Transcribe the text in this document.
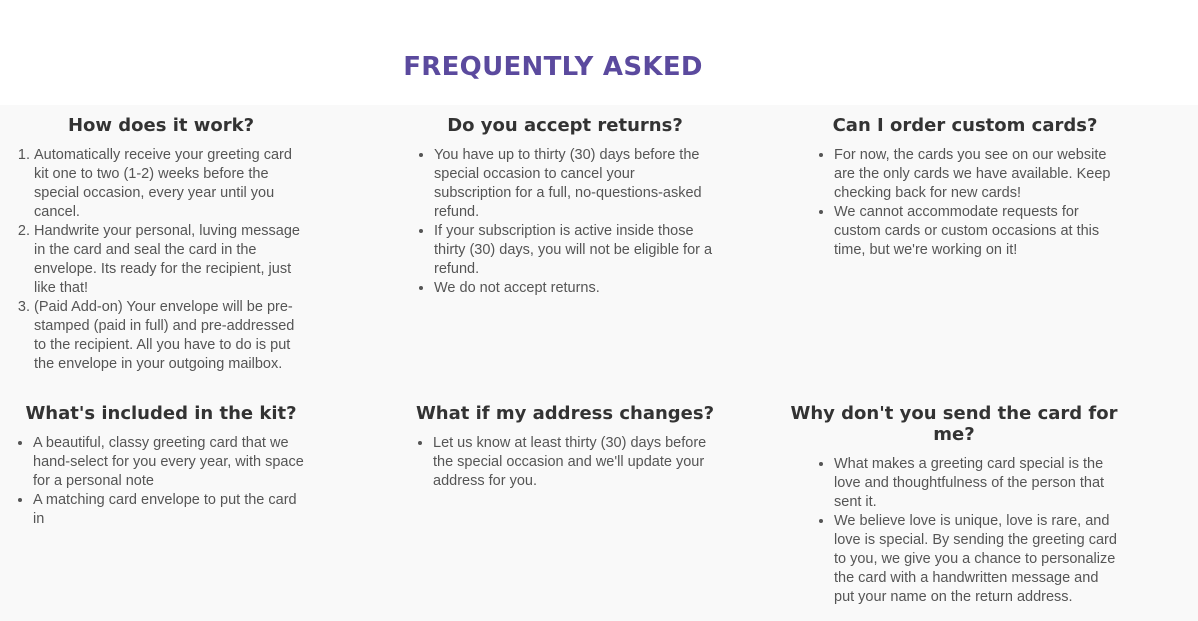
FREQUENTLY ASKED
How does it work?
1. Automatically receive your greeting card kit one to two (1-2) weeks before the special occasion, every year until you cancel.
2. Handwrite your personal, luving message in the card and seal the card in the envelope. Its ready for the recipient, just like that!
3. (Paid Add-on) Your envelope will be pre-stamped (paid in full) and pre-addressed to the recipient. All you have to do is put the envelope in your outgoing mailbox.
Do you accept returns?
• You have up to thirty (30) days before the special occasion to cancel your subscription for a full, no-questions-asked refund.
• If your subscription is active inside those thirty (30) days, you will not be eligible for a refund.
• We do not accept returns.
Can I order custom cards?
• For now, the cards you see on our website are the only cards we have available. Keep checking back for new cards!
• We cannot accommodate requests for custom cards or custom occasions at this time, but we're working on it!
What's included in the kit?
• A beautiful, classy greeting card that we hand-select for you every year, with space for a personal note
• A matching card envelope to put the card in
What if my address changes?
• Let us know at least thirty (30) days before the special occasion and we'll update your address for you.
Why don't you send the card for me?
• What makes a greeting card special is the love and thoughtfulness of the person that sent it.
• We believe love is unique, love is rare, and love is special. By sending the greeting card to you, we give you a chance to personalize the card with a handwritten message and put your name on the return address.
